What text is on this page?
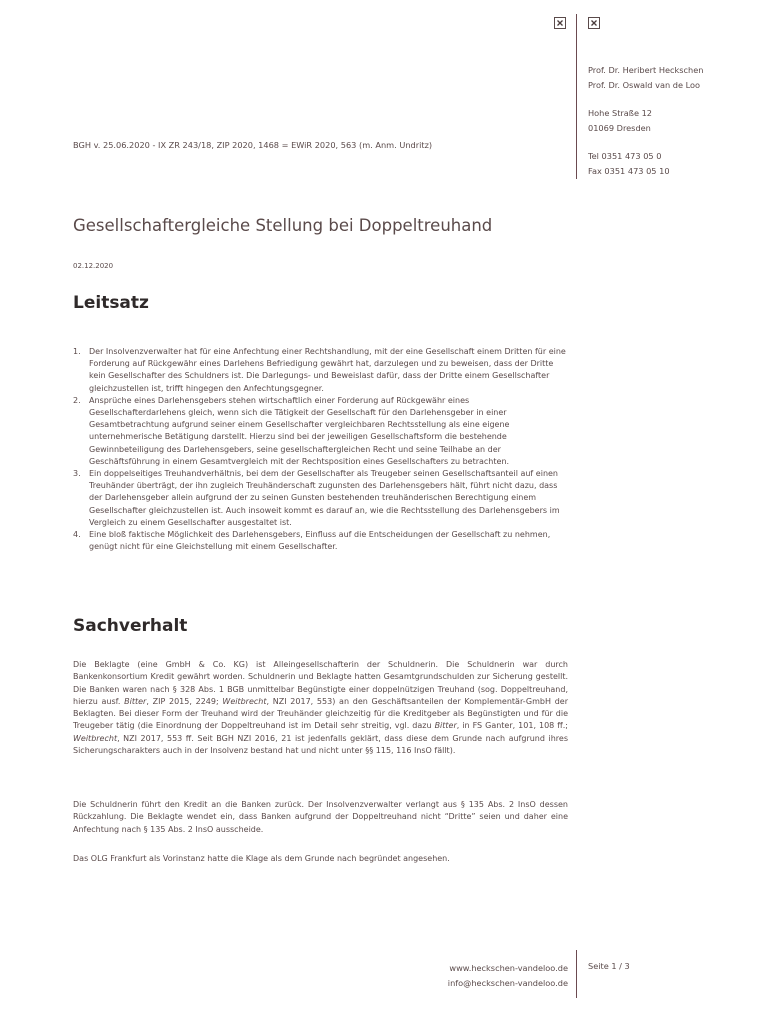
Prof. Dr. Heribert Heckschen
Prof. Dr. Oswald van de Loo
Hohe Straße 12
01069 Dresden
Tel 0351 473 05 0
Fax 0351 473 05 10
BGH v. 25.06.2020 - IX ZR 243/18, ZIP 2020, 1468 = EWiR 2020, 563 (m. Anm. Undritz)
Gesellschaftergleiche Stellung bei Doppeltreuhand
02.12.2020
Leitsatz
1.	Der Insolvenzverwalter hat für eine Anfechtung einer Rechtshandlung, mit der eine Gesellschaft einem Dritten für eine Forderung auf Rückgewähr eines Darlehens Befriedigung gewährt hat, darzulegen und zu beweisen, dass der Dritte kein Gesellschafter des Schuldners ist. Die Darlegungs- und Beweislast dafür, dass der Dritte einem Gesellschafter gleichzustellen ist, trifft hingegen den Anfechtungsgegner.
2.	Ansprüche eines Darlehensgebers stehen wirtschaftlich einer Forderung auf Rückgewähr eines Gesellschafterdarlehens gleich, wenn sich die Tätigkeit der Gesellschaft für den Darlehensgeber in einer Gesamtbetrachtung aufgrund seiner einem Gesellschafter vergleichbaren Rechtsstellung als eine eigene unternehmerische Betätigung darstellt. Hierzu sind bei der jeweiligen Gesellschaftsform die bestehende Gewinnbeteiligung des Darlehensgebers, seine gesellschaftergleichen Recht und seine Teilhabe an der Geschäftsführung in einem Gesamtvergleich mit der Rechtsposition eines Gesellschafters zu betrachten.
3.	Ein doppelseitiges Treuhandverhältnis, bei dem der Gesellschafter als Treugeber seinen Gesellschaftsanteil auf einen Treuhänder überträgt, der ihn zugleich Treuhänderschaft zugunsten des Darlehensgebers hält, führt nicht dazu, dass der Darlehensgeber allein aufgrund der zu seinen Gunsten bestehenden treuhänderischen Berechtigung einem Gesellschafter gleichzustellen ist. Auch insoweit kommt es darauf an, wie die Rechtsstellung des Darlehensgebers im Vergleich zu einem Gesellschafter ausgestaltet ist.
4.	Eine bloß faktische Möglichkeit des Darlehensgebers, Einfluss auf die Entscheidungen der Gesellschaft zu nehmen, genügt nicht für eine Gleichstellung mit einem Gesellschafter.
Sachverhalt

Die Beklagte (eine GmbH & Co. KG) ist Alleingesellschafterin der Schuldnerin. Die Schuldnerin war durch Bankenkonsortium Kredit gewährt worden. Schuldnerin und Beklagte hatten Gesamtgrundschulden zur Sicherung gestellt. Die Banken waren nach § 328 Abs. 1 BGB unmittelbar Begünstigte einer doppelnützigen Treuhand (sog. Doppeltreuhand, hierzu ausf. Bitter, ZIP 2015, 2249; Weitbrecht, NZI 2017, 553) an den Geschäftsanteilen der Komplementär-GmbH der Beklagten. Bei dieser Form der Treuhand wird der Treuhänder gleichzeitig für die Kreditgeber als Begünstigten und für die Treugeber tätig (die Einordnung der Doppeltreuhand ist im Detail sehr streitig, vgl. dazu Bitter, in FS Ganter, 101, 108 ff.; Weitbrecht, NZI 2017, 553 ff. Seit BGH NZI 2016, 21 ist jedenfalls geklärt, dass diese dem Grunde nach aufgrund ihres Sicherungscharakters auch in der Insolvenz bestand hat und nicht unter §§ 115, 116 InsO fällt).

Die Schuldnerin führt den Kredit an die Banken zurück. Der Insolvenzverwalter verlangt aus § 135 Abs. 2 InsO dessen Rückzahlung. Die Beklagte wendet ein, dass Banken aufgrund der Doppeltreuhand nicht “Dritte” seien und daher eine Anfechtung nach § 135 Abs. 2 InsO ausscheide.

Das OLG Frankfurt als Vorinstanz hatte die Klage als dem Grunde nach begründet angesehen.

www.heckschen-vandeloo.de
info@heckschen-vandeloo.de
Seite 1 / 3
